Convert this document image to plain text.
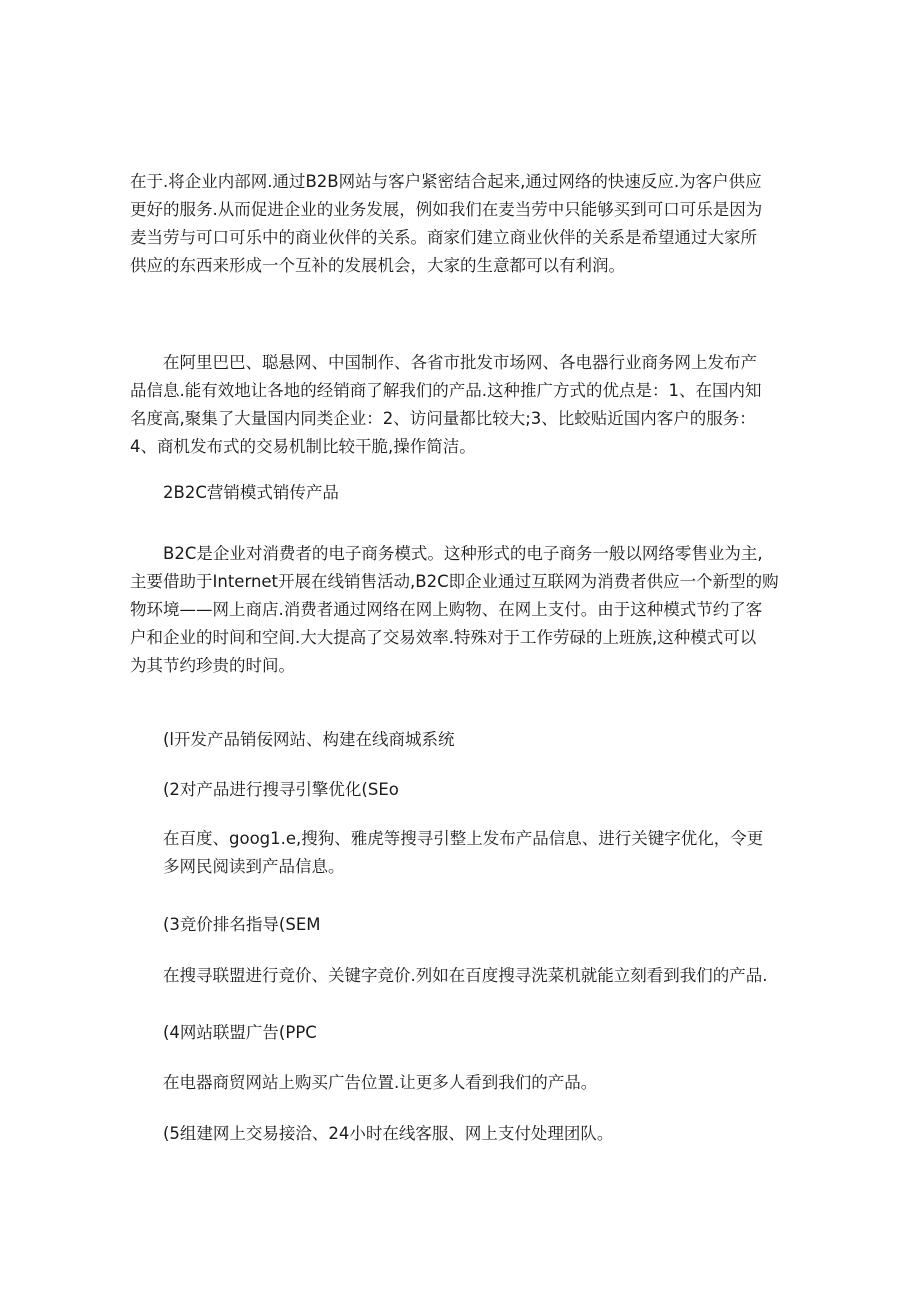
在于.将企业内部网.通过B2B网站与客户紧密结合起来,通过网络的快速反应.为客户供应
更好的服务.从而促进企业的业务发展，例如我们在麦当劳中只能够买到可口可乐是因为
麦当劳与可口可乐中的商业伙伴的关系。商家们建立商业伙伴的关系是希望通过大家所
供应的东西来形成一个互补的发展机会，大家的生意都可以有利润。
　　在阿里巴巴、聪悬网、中国制作、各省市批发市场网、各电器行业商务网上发布产
品信息.能有效地让各地的经销商了解我们的产品.这种推广方式的优点是：1、在国内知
名度高,聚集了大量国内同类企业：2、访问量都比较大;3、比蛟贴近国内客户的服务：
4、商机发布式的交易机制比较干脆,操作简洁。
　　2B2C营销模式销传产品
　　B2C是企业对消费者的电子商务模式。这种形式的电子商务一般以网络零售业为主,
主要借助于Internet开展在线销售活动,B2C即企业通过互联网为消费者供应一个新型的购
物环境——网上商店.消费者通过网络在网上购物、在网上支付。由于这种模式节约了客
户和企业的时间和空间.大大提高了交易效率.特殊对于工作劳碌的上班族,这种模式可以
为其节约珍贵的时间。
　　(l开发产品销佞网站、构建在线商城系统
　　(2对产品进行搜寻引擎优化(SEo
　　在百度、goog1.e,搜狗、雅虎等搜寻引整上发布产品信息、进行关键字优化，令更
　　多网民阅读到产品信息。
　　(3竞价排名指导(SEM
　　在搜寻联盟进行竞价、关键字竞价.列如在百度搜寻洗菜机就能立刻看到我们的产品.
　　(4网站联盟广告(PPC
　　在电器商贸网站上购买广告位置.让更多人看到我们的产品。
　　(5组建网上交易接洽、24小时在线客服、网上支付处理团队。
